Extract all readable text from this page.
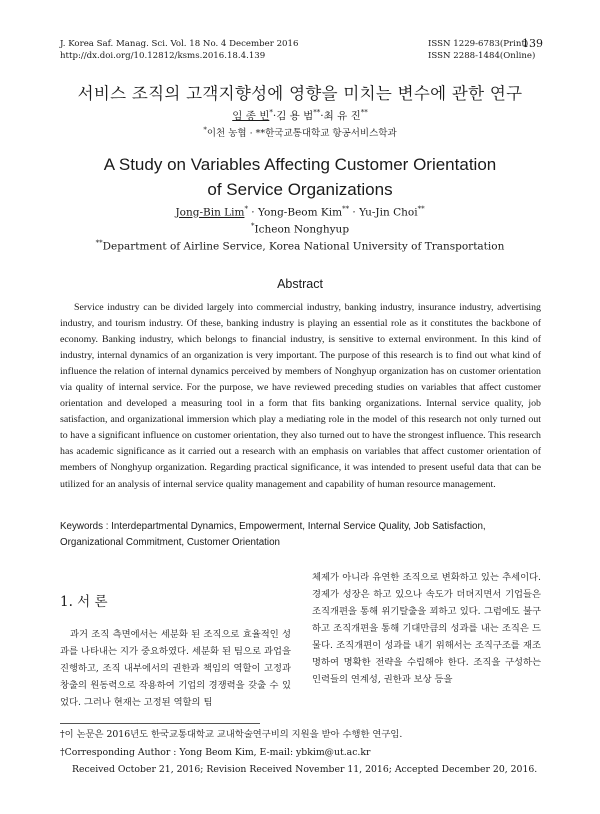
J. Korea Saf. Manag. Sci. Vol. 18 No. 4 December 2016
http://dx.doi.org/10.12812/ksms.2016.18.4.139
ISSN 1229-6783(Print)
ISSN 2288-1484(Online)
139
서비스 조직의 고객지향성에 영향을 미치는 변수에 관한 연구
임 종 빈*·김 용 범**·최 유 진**
*이천 농협 · **한국교통대학교 항공서비스학과
A Study on Variables Affecting Customer Orientation
of Service Organizations
Jong-Bin Lim* · Yong-Beom Kim** · Yu-Jin Choi**
*Icheon Nonghyup
**Department of Airline Service, Korea National University of Transportation
Abstract

Service industry can be divided largely into commercial industry, banking industry, insurance industry, advertising industry, and tourism industry. Of these, banking industry is playing an essential role as it constitutes the backbone of economy. Banking industry, which belongs to financial industry, is sensitive to external environment. In this kind of industry, internal dynamics of an organization is very important. The purpose of this research is to find out what kind of influence the relation of internal dynamics perceived by members of Nonghyup organization has on customer orientation via quality of internal service. For the purpose, we have reviewed preceding studies on variables that affect customer orientation and developed a measuring tool in a form that fits banking organizations. Internal service quality, job satisfaction, and organizational immersion which play a mediating role in the model of this research not only turned out to have a significant influence on customer orientation, they also turned out to have the strongest influence. This research has academic significance as it carried out a research with an emphasis on variables that affect customer orientation of members of Nonghyup organization. Regarding practical significance, it was intended to present useful data that can be utilized for an analysis of internal service quality management and capability of human resource management.

Keywords : Interdepartmental Dynamics, Empowerment, Internal Service Quality, Job Satisfaction, Organizational Commitment, Customer Orientation
1. 서 론

과거 조직 측면에서는 세분화 된 조직으로 효율적인 성과를 나타내는 지가 중요하였다. 세분화 된 팀으로 과업을 진행하고, 조직 내부에서의 권한과 책임의 역할이 고정과 창출의 원동력으로 작용하여 기업의 경쟁력을 갖출 수 있었다. 그러나 현재는 고정된 역할의 팀

체제가 아니라 유연한 조직으로 변화하고 있는 추세이다. 경제가 성장은 하고 있으나 속도가 더뎌지면서 기업들은 조직개편을 통해 위기탈출을 꾀하고 있다. 그럼에도 불구하고 조직개편을 통해 기대만큼의 성과를 내는 조직은 드물다. 조직개편이 성과를 내기 위해서는 조직구조를 재조명하여 명확한 전략을 수립해야 한다. 조직을 구성하는 인력들의 연계성, 권한과 보상 등을

†이 논문은 2016년도 한국교통대학교 교내학술연구비의 지원을 받아 수행한 연구임.
†Corresponding Author : Yong Beom Kim, E-mail: ybkim@ut.ac.kr
Received October 21, 2016; Revision Received November 11, 2016; Accepted December 20, 2016.
